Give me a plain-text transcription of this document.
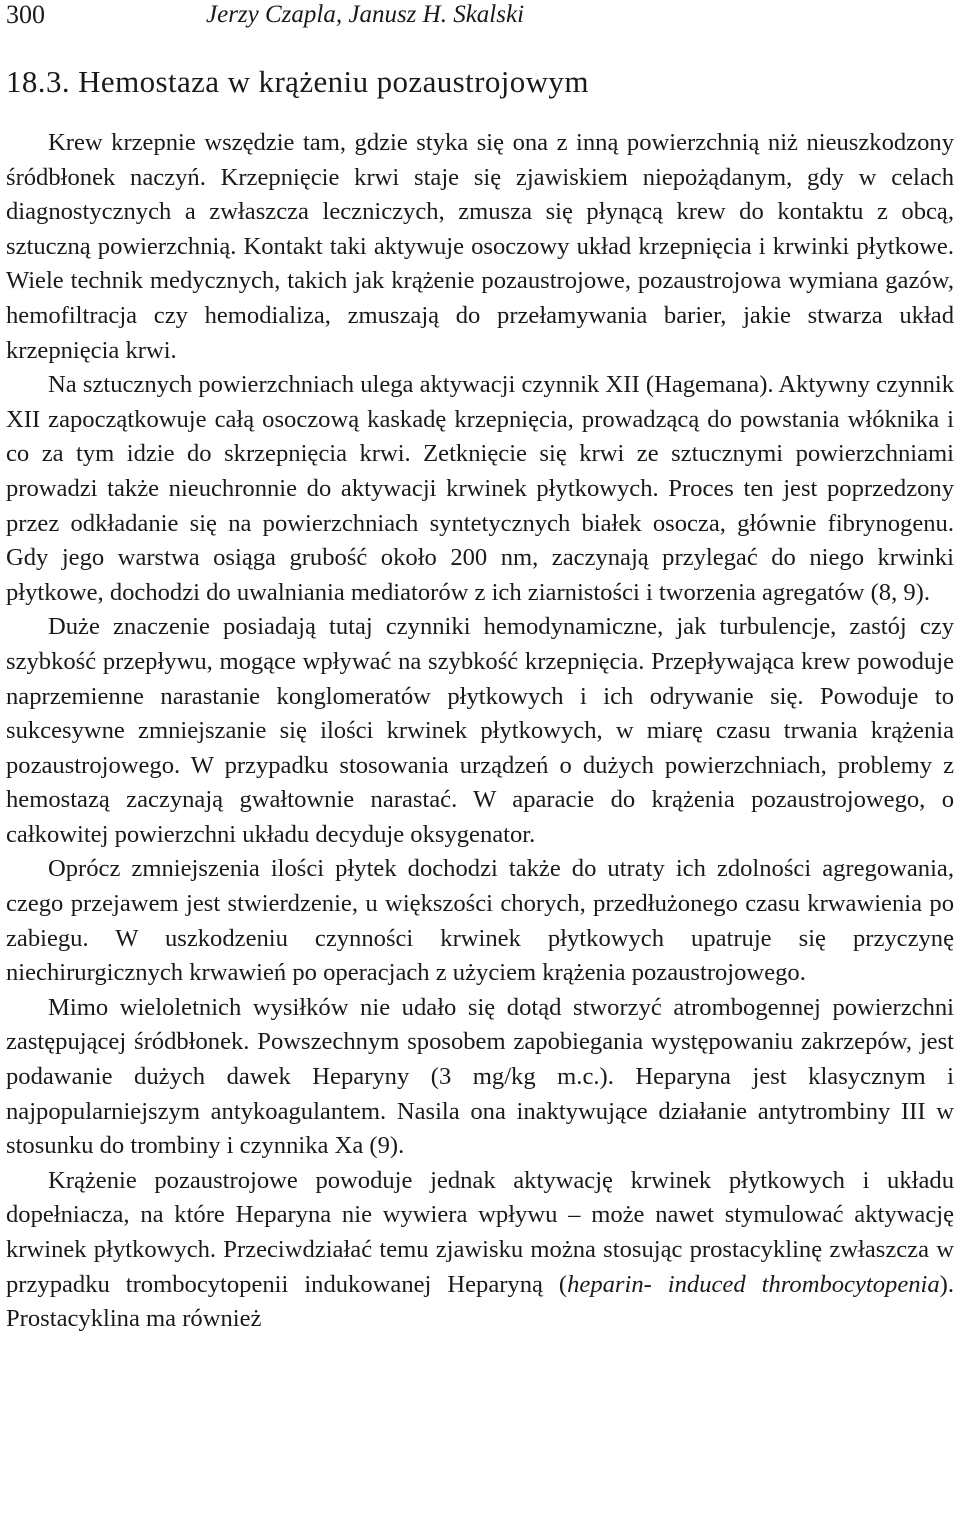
300	Jerzy Czapla, Janusz H. Skalski
18.3. Hemostaza w krążeniu pozaustrojowym

Krew krzepnie wszędzie tam, gdzie styka się ona z inną powierzchnią niż nieuszkodzony śródbłonek naczyń. Krzepnięcie krwi staje się zjawiskiem niepożądanym, gdy w celach diagnostycznych a zwłaszcza leczniczych, zmusza się płynącą krew do kontaktu z obcą, sztuczną powierzchnią. Kontakt taki aktywuje osoczowy układ krzepnięcia i krwinki płytkowe. Wiele technik medycznych, takich jak krążenie pozaustrojowe, pozaustrojowa wymiana gazów, hemofiltracja czy hemodializa, zmuszają do przełamywania barier, jakie stwarza układ krzepnięcia krwi.

Na sztucznych powierzchniach ulega aktywacji czynnik XII (Hagemana). Aktywny czynnik XII zapoczątkowuje całą osoczową kaskadę krzepnięcia, prowadzącą do powstania włóknika i co za tym idzie do skrzepnięcia krwi. Zetknięcie się krwi ze sztucznymi powierzchniami prowadzi także nieuchronnie do aktywacji krwinek płytkowych. Proces ten jest poprzedzony przez odkładanie się na powierzchniach syntetycznych białek osocza, głównie fibrynogenu. Gdy jego warstwa osiąga grubość około 200 nm, zaczynają przylegać do niego krwinki płytkowe, dochodzi do uwalniania mediatorów z ich ziarnistości i tworzenia agregatów (8, 9).

Duże znaczenie posiadają tutaj czynniki hemodynamiczne, jak turbulencje, zastój czy szybkość przepływu, mogące wpływać na szybkość krzepnięcia. Przepływająca krew powoduje naprzemienne narastanie konglomeratów płytkowych i ich odrywanie się. Powoduje to sukcesywne zmniejszanie się ilości krwinek płytkowych, w miarę czasu trwania krążenia pozaustrojowego. W przypadku stosowania urządzeń o dużych powierzchniach, problemy z hemostazą zaczynają gwałtownie narastać. W aparacie do krążenia pozaustrojowego, o całkowitej powierzchni układu decyduje oksygenator.

Oprócz zmniejszenia ilości płytek dochodzi także do utraty ich zdolności agregowania, czego przejawem jest stwierdzenie, u większości chorych, przedłużonego czasu krwawienia po zabiegu. W uszkodzeniu czynności krwinek płytkowych upatruje się przyczynę niechirurgicznych krwawień po operacjach z użyciem krążenia pozaustrojowego.

Mimo wieloletnich wysiłków nie udało się dotąd stworzyć atrombogennej powierzchni zastępującej śródbłonek. Powszechnym sposobem zapobiegania występowaniu zakrzepów, jest podawanie dużych dawek Heparyny (3 mg/kg m.c.). Heparyna jest klasycznym i najpopularniejszym antykoagulantem. Nasila ona inaktywujące działanie antytrombiny III w stosunku do trombiny i czynnika Xa (9).

Krążenie pozaustrojowe powoduje jednak aktywację krwinek płytkowych i układu dopełniacza, na które Heparyna nie wywiera wpływu – może nawet stymulować aktywację krwinek płytkowych. Przeciwdziałać temu zjawisku można stosując prostacyklinę zwłaszcza w przypadku trombocytopenii indukowanej Heparyną (heparin- induced thrombocytopenia). Prostacyklina ma również
